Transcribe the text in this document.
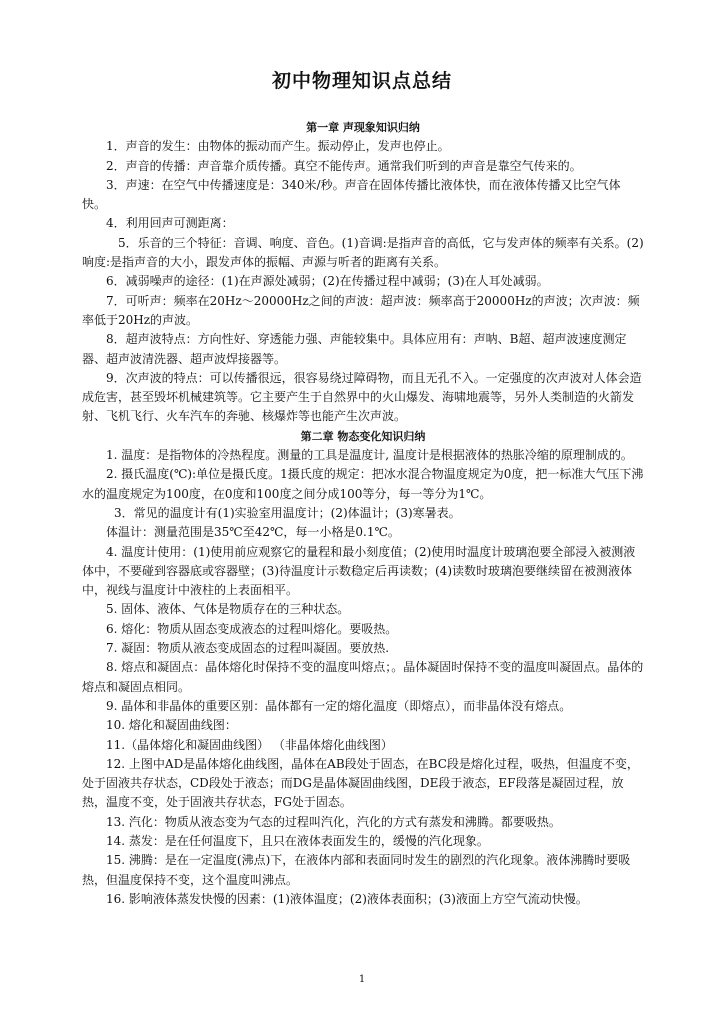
初中物理知识点总结

第一章 声现象知识归纳

1．声音的发生：由物体的振动而产生。振动停止，发声也停止。

2．声音的传播：声音靠介质传播。真空不能传声。通常我们听到的声音是靠空气传来的。

3．声速：在空气中传播速度是：340米/秒。声音在固体传播比液体快，而在液体传播又比空气体快。

4．利用回声可测距离：

5．乐音的三个特征：音调、响度、音色。(1)音调:是指声音的高低，它与发声体的频率有关系。(2)响度:是指声音的大小，跟发声体的振幅、声源与听者的距离有关系。

6．减弱噪声的途径：(1)在声源处减弱；(2)在传播过程中减弱；(3)在人耳处减弱。

7．可听声：频率在20Hz～20000Hz之间的声波：超声波：频率高于20000Hz的声波；次声波：频率低于20Hz的声波。

8．超声波特点：方向性好、穿透能力强、声能较集中。具体应用有：声呐、B超、超声波速度测定器、超声波清洗器、超声波焊接器等。

9．次声波的特点：可以传播很远，很容易绕过障碍物，而且无孔不入。一定强度的次声波对人体会造成危害，甚至毁坏机械建筑等。它主要产生于自然界中的火山爆发、海啸地震等，另外人类制造的火箭发射、飞机飞行、火车汽车的奔驰、核爆炸等也能产生次声波。

第二章 物态变化知识归纳

1. 温度：是指物体的冷热程度。测量的工具是温度计, 温度计是根据液体的热胀冷缩的原理制成的。

2. 摄氏温度(℃):单位是摄氏度。1摄氏度的规定：把冰水混合物温度规定为0度，把一标准大气压下沸水的温度规定为100度，在0度和100度之间分成100等分，每一等分为1℃。

3．常见的温度计有(1)实验室用温度计；(2)体温计；(3)寒暑表。

体温计：测量范围是35℃至42℃，每一小格是0.1℃。

4. 温度计使用：(1)使用前应观察它的量程和最小刻度值；(2)使用时温度计玻璃泡要全部浸入被测液体中，不要碰到容器底或容器壁；(3)待温度计示数稳定后再读数；(4)读数时玻璃泡要继续留在被测液体中，视线与温度计中液柱的上表面相平。

5. 固体、液体、气体是物质存在的三种状态。

6. 熔化：物质从固态变成液态的过程叫熔化。要吸热。

7. 凝固：物质从液态变成固态的过程叫凝固。要放热.

8. 熔点和凝固点：晶体熔化时保持不变的温度叫熔点；。晶体凝固时保持不变的温度叫凝固点。晶体的熔点和凝固点相同。

9. 晶体和非晶体的重要区别：晶体都有一定的熔化温度（即熔点），而非晶体没有熔点。

10. 熔化和凝固曲线图：

11.（晶体熔化和凝固曲线图） （非晶体熔化曲线图）

12. 上图中AD是晶体熔化曲线图，晶体在AB段处于固态，在BC段是熔化过程，吸热，但温度不变，处于固液共存状态，CD段处于液态；而DG是晶体凝固曲线图，DE段于液态，EF段落是凝固过程，放热，温度不变，处于固液共存状态，FG处于固态。

13. 汽化：物质从液态变为气态的过程叫汽化，汽化的方式有蒸发和沸腾。都要吸热。

14. 蒸发：是在任何温度下，且只在液体表面发生的，缓慢的汽化现象。

15. 沸腾：是在一定温度(沸点)下，在液体内部和表面同时发生的剧烈的汽化现象。液体沸腾时要吸热，但温度保持不变，这个温度叫沸点。

16. 影响液体蒸发快慢的因素：(1)液体温度；(2)液体表面积；(3)液面上方空气流动快慢。

1
